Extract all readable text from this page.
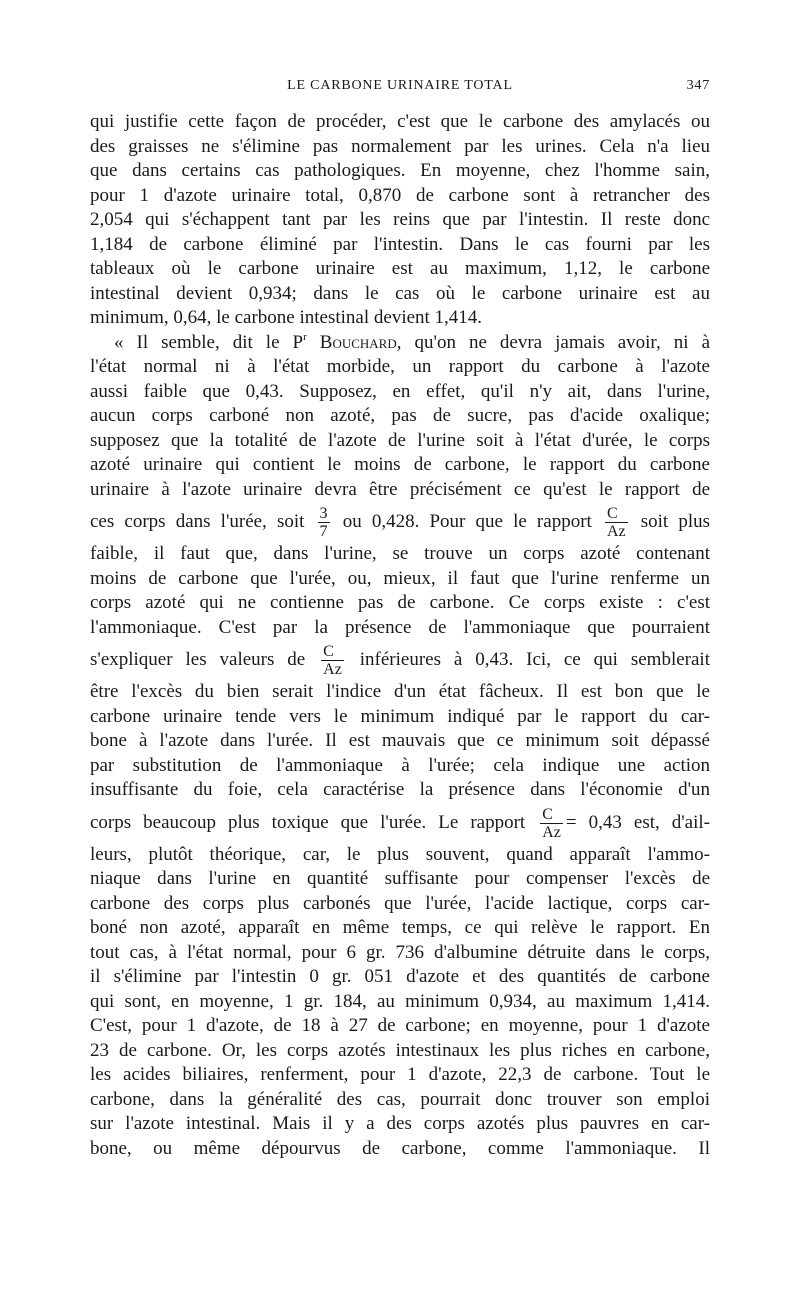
LE CARBONE URINAIRE TOTAL	347

qui justifie cette façon de procéder, c'est que le carbone des amylacés ou
des graisses ne s'élimine pas normalement par les urines. Cela n'a lieu
que dans certains cas pathologiques. En moyenne, chez l'homme sain,
pour 1 d'azote urinaire total, 0,870 de carbone sont à retrancher des
2,054 qui s'échappent tant par les reins que par l'intestin. Il reste donc
1,184 de carbone éliminé par l'intestin. Dans le cas fourni par les
tableaux où le carbone urinaire est au maximum, 1,12, le carbone
intestinal devient 0,934; dans le cas où le carbone urinaire est au
minimum, 0,64, le carbone intestinal devient 1,414.

« Il semble, dit le $P^r$ Bouchard, qu'on ne devra jamais avoir, ni à
l'état normal ni à l'état morbide, un rapport du carbone à l'azote
aussi faible que 0,43. Supposez, en effet, qu'il n'y ait, dans l'urine,
aucun corps carboné non azoté, pas de sucre, pas d'acide oxalique;
supposez que la totalité de l'azote de l'urine soit à l'état d'urée, le corps
azoté urinaire qui contient le moins de carbone, le rapport du carbone
urinaire à l'azote urinaire devra être précisément ce qu'est le rapport de
ces corps dans l'urée, soit $\frac{3}{7}$ ou 0,428. Pour que le rapport $\frac{C}{Az}$ soit plus
faible, il faut que, dans l'urine, se trouve un corps azoté contenant
moins de carbone que l'urée, ou, mieux, il faut que l'urine renferme un
corps azoté qui ne contienne pas de carbone. Ce corps existe : c'est
l'ammoniaque. C'est par la présence de l'ammoniaque que pourraient
s'expliquer les valeurs de $\frac{C}{Az}$ inférieures à 0,43. Ici, ce qui semblerait
être l'excès du bien serait l'indice d'un état fâcheux. Il est bon que le
carbone urinaire tende vers le minimum indiqué par le rapport du car-
bone à l'azote dans l'urée. Il est mauvais que ce minimum soit dépassé
par substitution de l'ammoniaque à l'urée; cela indique une action
insuffisante du foie, cela caractérise la présence dans l'économie d'un
corps beaucoup plus toxique que l'urée. Le rapport $\frac{C}{Az} = 0,43$ est, d'ail-
leurs, plutôt théorique, car, le plus souvent, quand apparaît l'ammo-
niaque dans l'urine en quantité suffisante pour compenser l'excès de
carbone des corps plus carbonés que l'urée, l'acide lactique, corps car-
boné non azoté, apparaît en même temps, ce qui relève le rapport. En
tout cas, à l'état normal, pour 6 gr. 736 d'albumine détruite dans le corps,
il s'élimine par l'intestin 0 gr. 051 d'azote et des quantités de carbone
qui sont, en moyenne, 1 gr. 184, au minimum 0,934, au maximum 1,414.
C'est, pour 1 d'azote, de 18 à 27 de carbone; en moyenne, pour 1 d'azote
23 de carbone. Or, les corps azotés intestinaux les plus riches en carbone,
les acides biliaires, renferment, pour 1 d'azote, 22,3 de carbone. Tout le
carbone, dans la généralité des cas, pourrait donc trouver son emploi
sur l'azote intestinal. Mais il y a des corps azotés plus pauvres en car-
bone, ou même dépourvus de carbone, comme l'ammoniaque. Il
